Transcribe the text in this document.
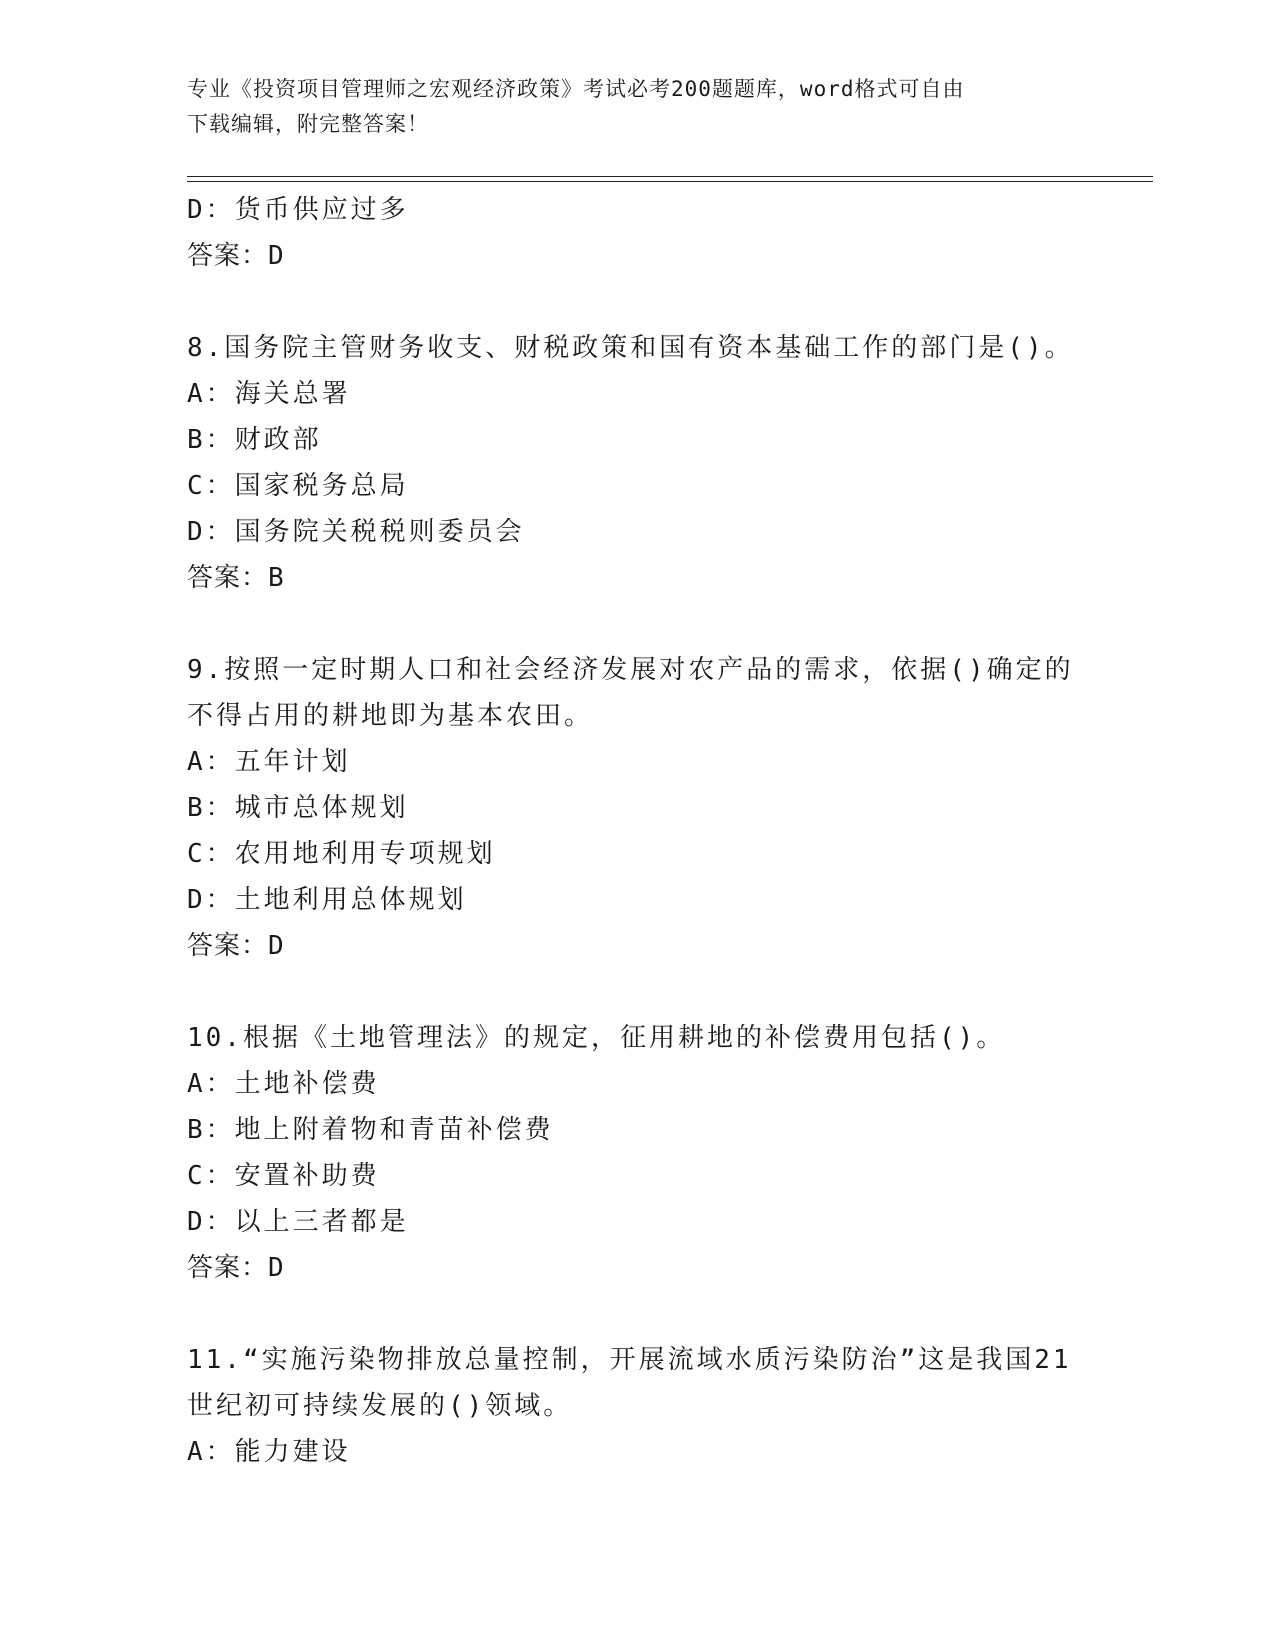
专业《投资项目管理师之宏观经济政策》考试必考200题题库，word格式可自由
下载编辑，附完整答案！
D：货币供应过多
答案：D
8.国务院主管财务收支、财税政策和国有资本基础工作的部门是()。
A：海关总署
B：财政部
C：国家税务总局
D：国务院关税税则委员会
答案：B
9.按照一定时期人口和社会经济发展对农产品的需求，依据()确定的
不得占用的耕地即为基本农田。
A：五年计划
B：城市总体规划
C：农用地利用专项规划
D：土地利用总体规划
答案：D
10.根据《土地管理法》的规定，征用耕地的补偿费用包括()。
A：土地补偿费
B：地上附着物和青苗补偿费
C：安置补助费
D：以上三者都是
答案：D
11.“实施污染物排放总量控制，开展流域水质污染防治”这是我国21
世纪初可持续发展的()领域。
A：能力建设
